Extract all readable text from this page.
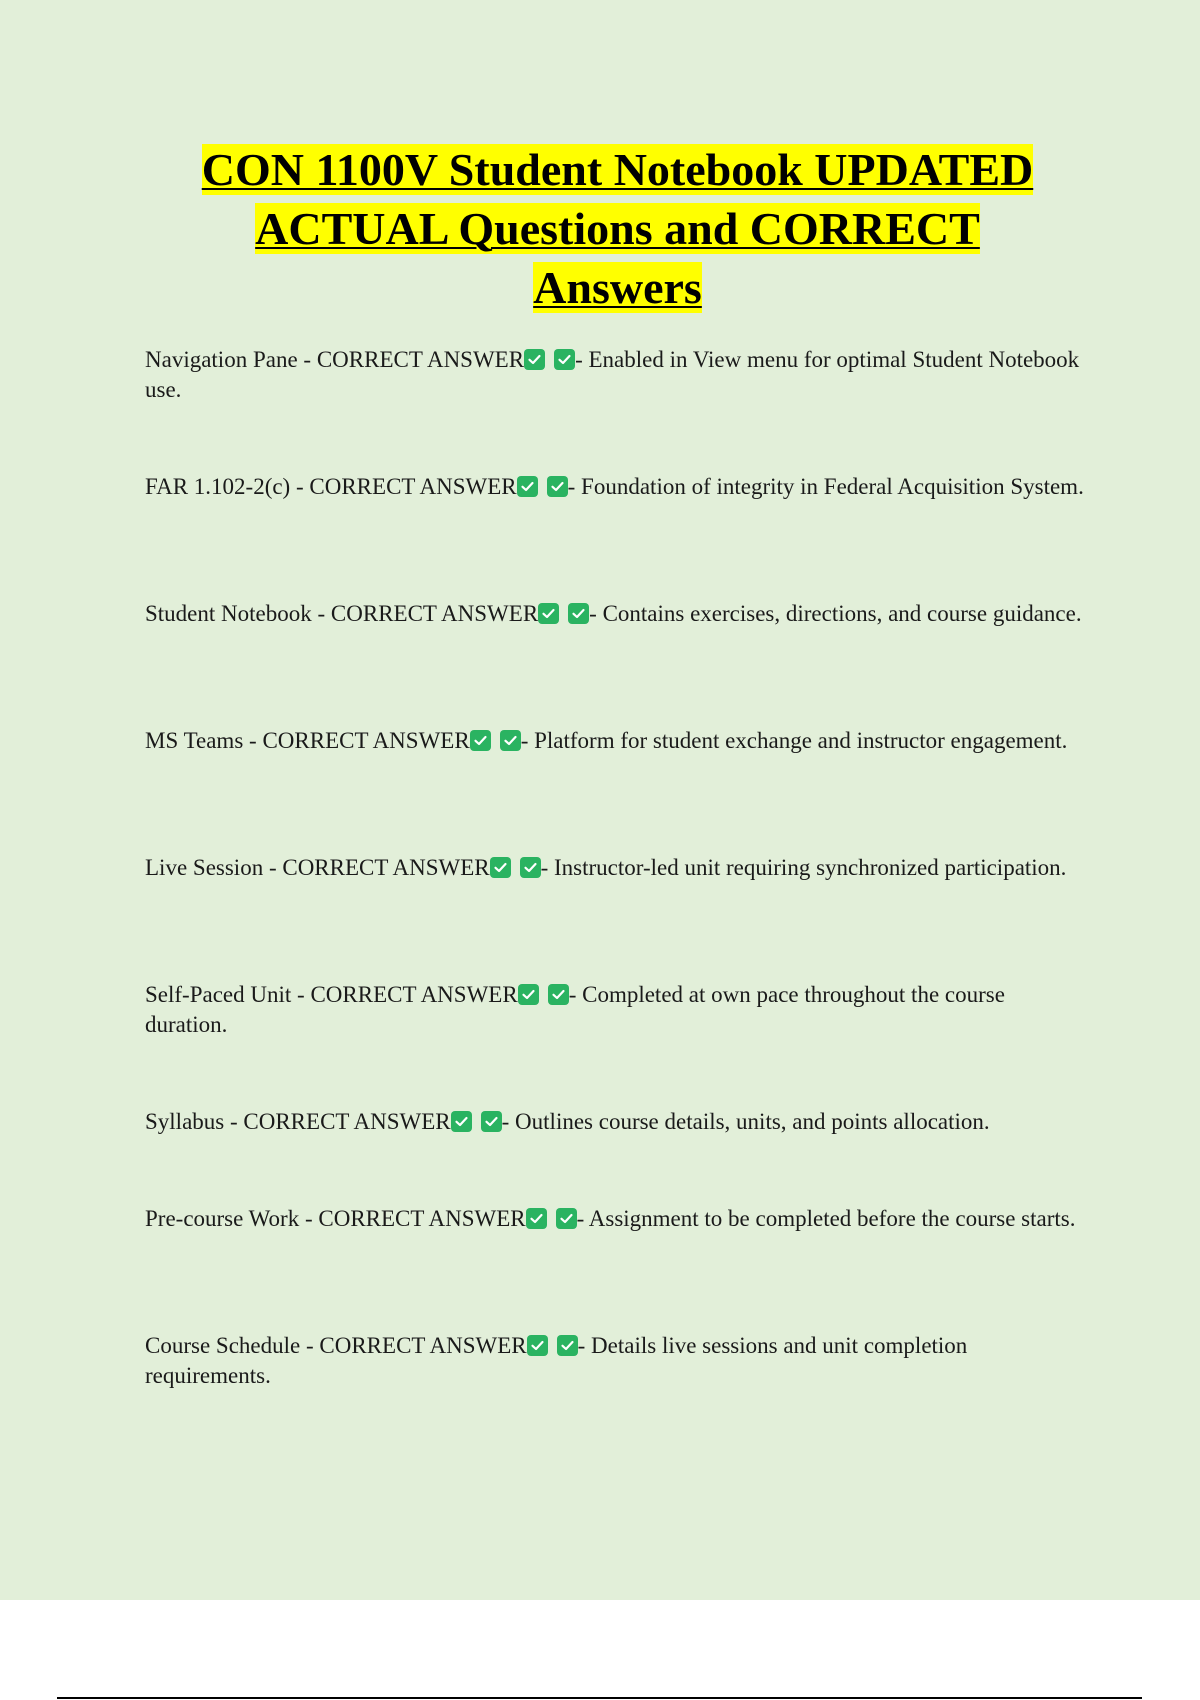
CON 1100V Student Notebook UPDATED
ACTUAL Questions and CORRECT
Answers

Navigation Pane - CORRECT ANSWER - Enabled in View menu for optimal Student Notebook use.

FAR 1.102-2(c) - CORRECT ANSWER - Foundation of integrity in Federal Acquisition System.

Student Notebook - CORRECT ANSWER - Contains exercises, directions, and course guidance.

MS Teams - CORRECT ANSWER - Platform for student exchange and instructor engagement.

Live Session - CORRECT ANSWER - Instructor-led unit requiring synchronized participation.

Self-Paced Unit - CORRECT ANSWER - Completed at own pace throughout the course duration.

Syllabus - CORRECT ANSWER - Outlines course details, units, and points allocation.

Pre-course Work - CORRECT ANSWER - Assignment to be completed before the course starts.

Course Schedule - CORRECT ANSWER - Details live sessions and unit completion requirements.
